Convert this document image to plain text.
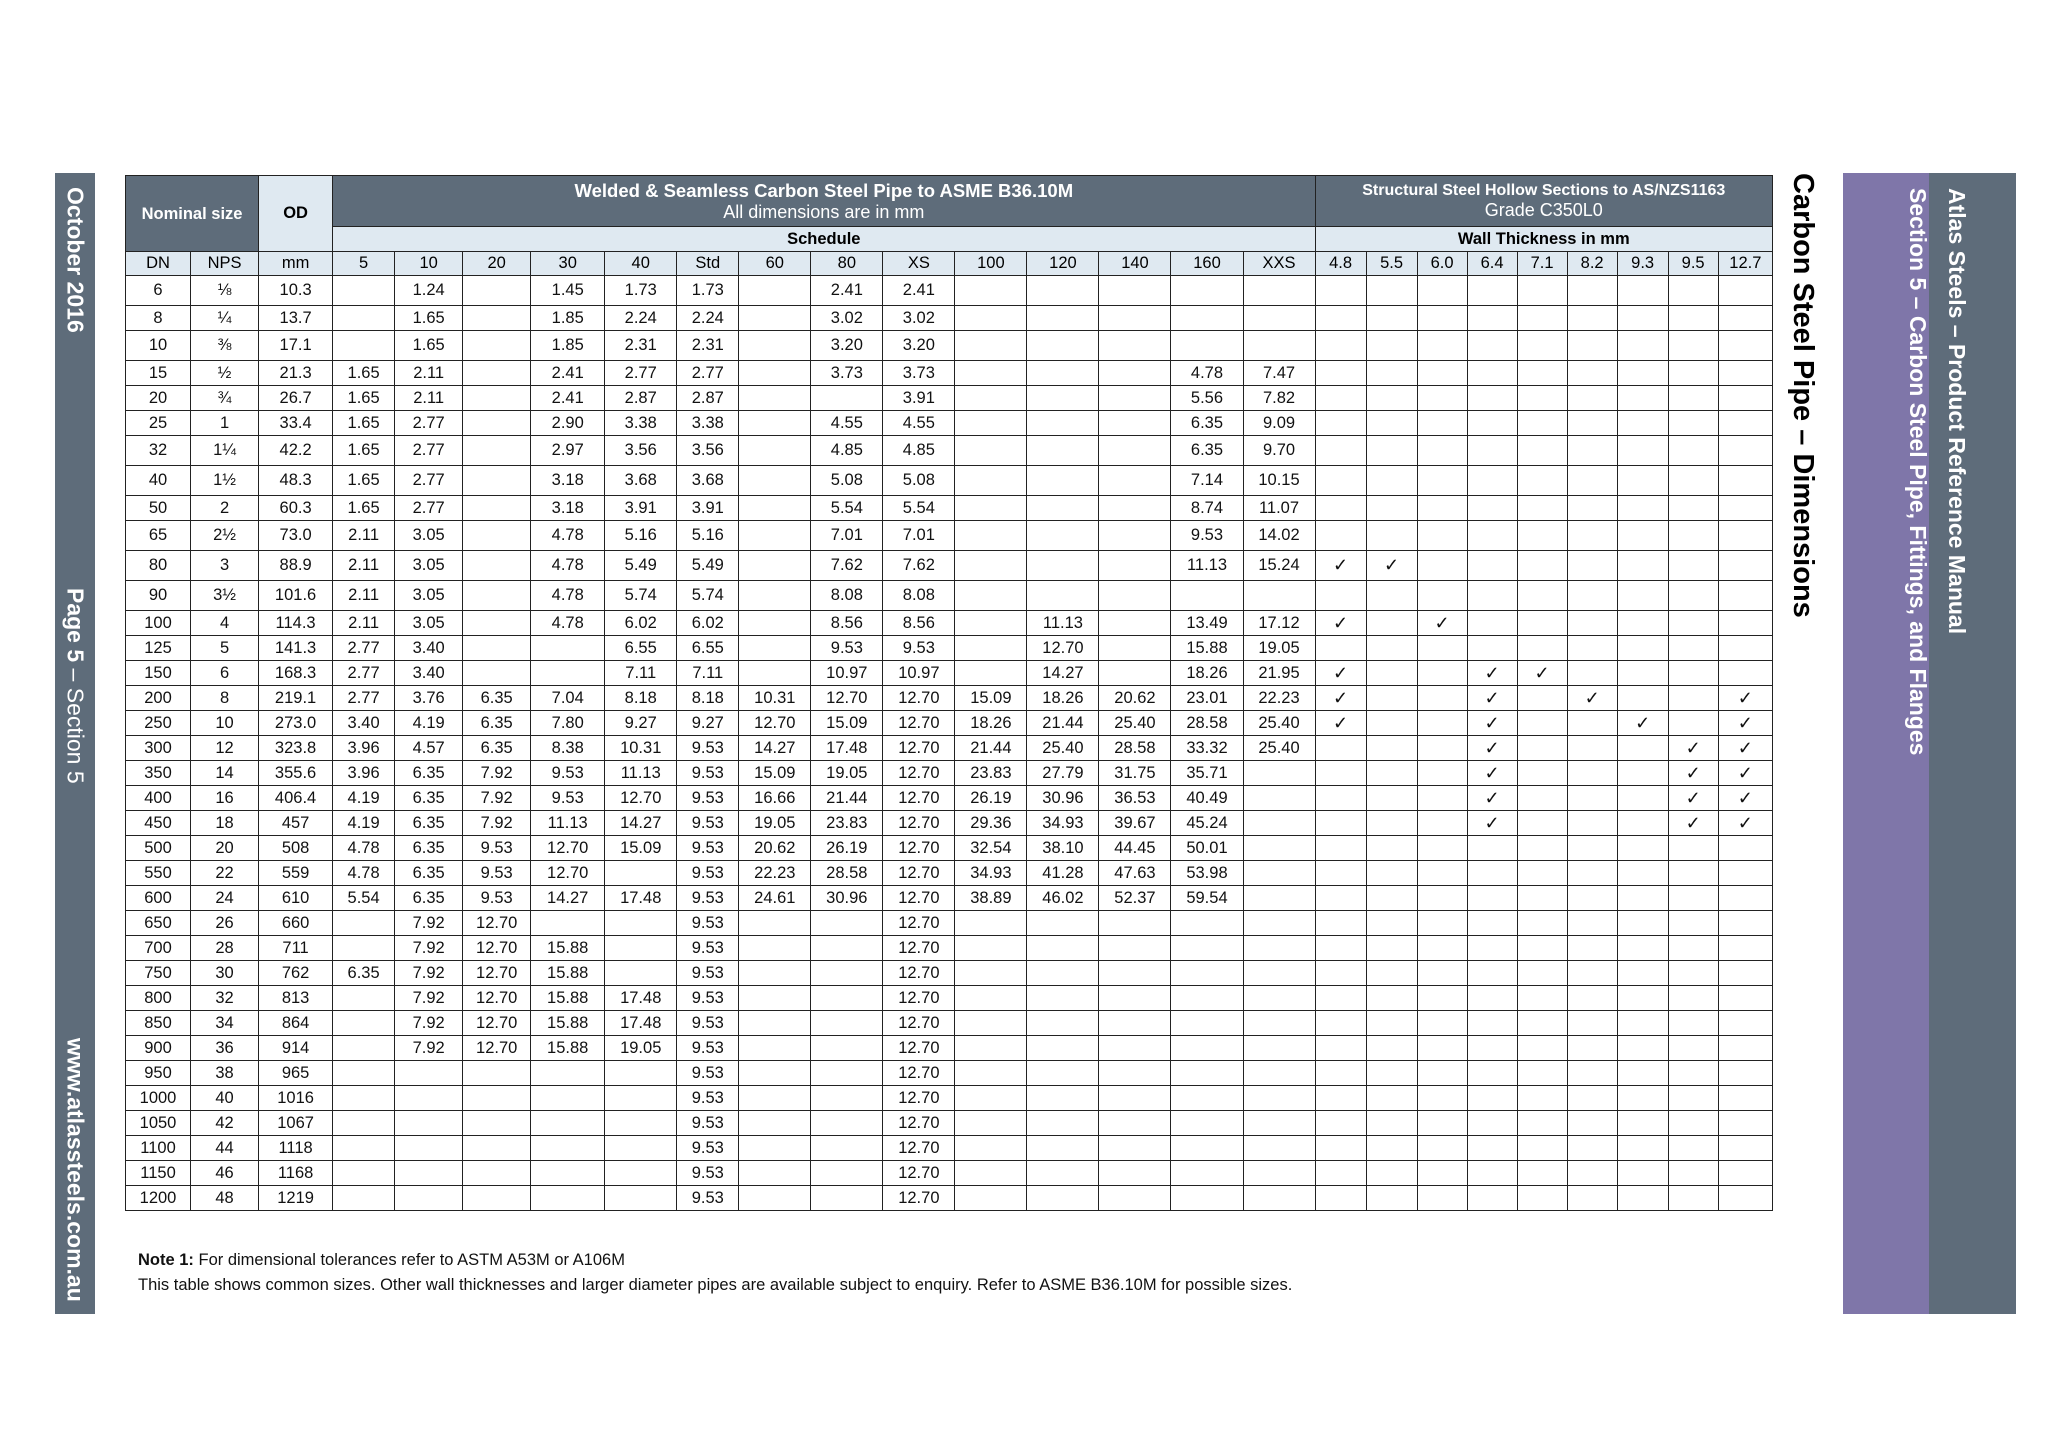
October 2016
Page 5 – Section 5
www.atlassteels.com.au
Atlas Steels – Product Reference Manual
Section 5 – Carbon Steel Pipe, Fittings, and Flanges
Carbon Steel Pipe – Dimensions
Nominal size		OD	Welded & Seamless Carbon Steel Pipe to ASME B36.10M
All dimensions are in mm														Structural Steel Hollow Sections to AS/NZS1163
Grade C350L0								

			Schedule														Wall Thickness in mm								
DN	NPS	mm	5	10	20	30	40	Std	60	80	XS	100	120	140	160	XXS	4.8	5.5	6.0	6.4	7.1	8.2	9.3	9.5	12.7
6	⅛	10.3		1.24		1.45	1.73	1.73		2.41	2.41														
8	¼	13.7		1.65		1.85	2.24	2.24		3.02	3.02														
10	⅜	17.1		1.65		1.85	2.31	2.31		3.20	3.20														
15	½	21.3	1.65	2.11		2.41	2.77	2.77		3.73	3.73				4.78	7.47									
20	¾	26.7	1.65	2.11		2.41	2.87	2.87			3.91				5.56	7.82									
25	1	33.4	1.65	2.77		2.90	3.38	3.38		4.55	4.55				6.35	9.09									
32	1¼	42.2	1.65	2.77		2.97	3.56	3.56		4.85	4.85				6.35	9.70									
40	1½	48.3	1.65	2.77		3.18	3.68	3.68		5.08	5.08				7.14	10.15									
50	2	60.3	1.65	2.77		3.18	3.91	3.91		5.54	5.54				8.74	11.07									
65	2½	73.0	2.11	3.05		4.78	5.16	5.16		7.01	7.01				9.53	14.02									
80	3	88.9	2.11	3.05		4.78	5.49	5.49		7.62	7.62				11.13	15.24	✓	✓							
90	3½	101.6	2.11	3.05		4.78	5.74	5.74		8.08	8.08														
100	4	114.3	2.11	3.05		4.78	6.02	6.02		8.56	8.56		11.13		13.49	17.12	✓		✓						
125	5	141.3	2.77	3.40			6.55	6.55		9.53	9.53		12.70		15.88	19.05									
150	6	168.3	2.77	3.40			7.11	7.11		10.97	10.97		14.27		18.26	21.95	✓			✓	✓				
200	8	219.1	2.77	3.76	6.35	7.04	8.18	8.18	10.31	12.70	12.70	15.09	18.26	20.62	23.01	22.23	✓			✓		✓			✓
250	10	273.0	3.40	4.19	6.35	7.80	9.27	9.27	12.70	15.09	12.70	18.26	21.44	25.40	28.58	25.40	✓			✓			✓		✓
300	12	323.8	3.96	4.57	6.35	8.38	10.31	9.53	14.27	17.48	12.70	21.44	25.40	28.58	33.32	25.40				✓				✓	✓
350	14	355.6	3.96	6.35	7.92	9.53	11.13	9.53	15.09	19.05	12.70	23.83	27.79	31.75	35.71					✓				✓	✓
400	16	406.4	4.19	6.35	7.92	9.53	12.70	9.53	16.66	21.44	12.70	26.19	30.96	36.53	40.49					✓				✓	✓
450	18	457	4.19	6.35	7.92	11.13	14.27	9.53	19.05	23.83	12.70	29.36	34.93	39.67	45.24					✓				✓	✓
500	20	508	4.78	6.35	9.53	12.70	15.09	9.53	20.62	26.19	12.70	32.54	38.10	44.45	50.01										
550	22	559	4.78	6.35	9.53	12.70		9.53	22.23	28.58	12.70	34.93	41.28	47.63	53.98										
600	24	610	5.54	6.35	9.53	14.27	17.48	9.53	24.61	30.96	12.70	38.89	46.02	52.37	59.54										
650	26	660		7.92	12.70			9.53			12.70														
700	28	711		7.92	12.70	15.88		9.53			12.70														
750	30	762	6.35	7.92	12.70	15.88		9.53			12.70														
800	32	813		7.92	12.70	15.88	17.48	9.53			12.70														
850	34	864		7.92	12.70	15.88	17.48	9.53			12.70														
900	36	914		7.92	12.70	15.88	19.05	9.53			12.70														
950	38	965						9.53			12.70														
1000	40	1016						9.53			12.70														
1050	42	1067						9.53			12.70														
1100	44	1118						9.53			12.70														
1150	46	1168						9.53			12.70														
1200	48	1219						9.53			12.70														
Note 1: For dimensional tolerances refer to ASTM A53M or A106M
This table shows common sizes. Other wall thicknesses and larger diameter pipes are available subject to enquiry. Refer to ASME B36.10M for possible sizes.
